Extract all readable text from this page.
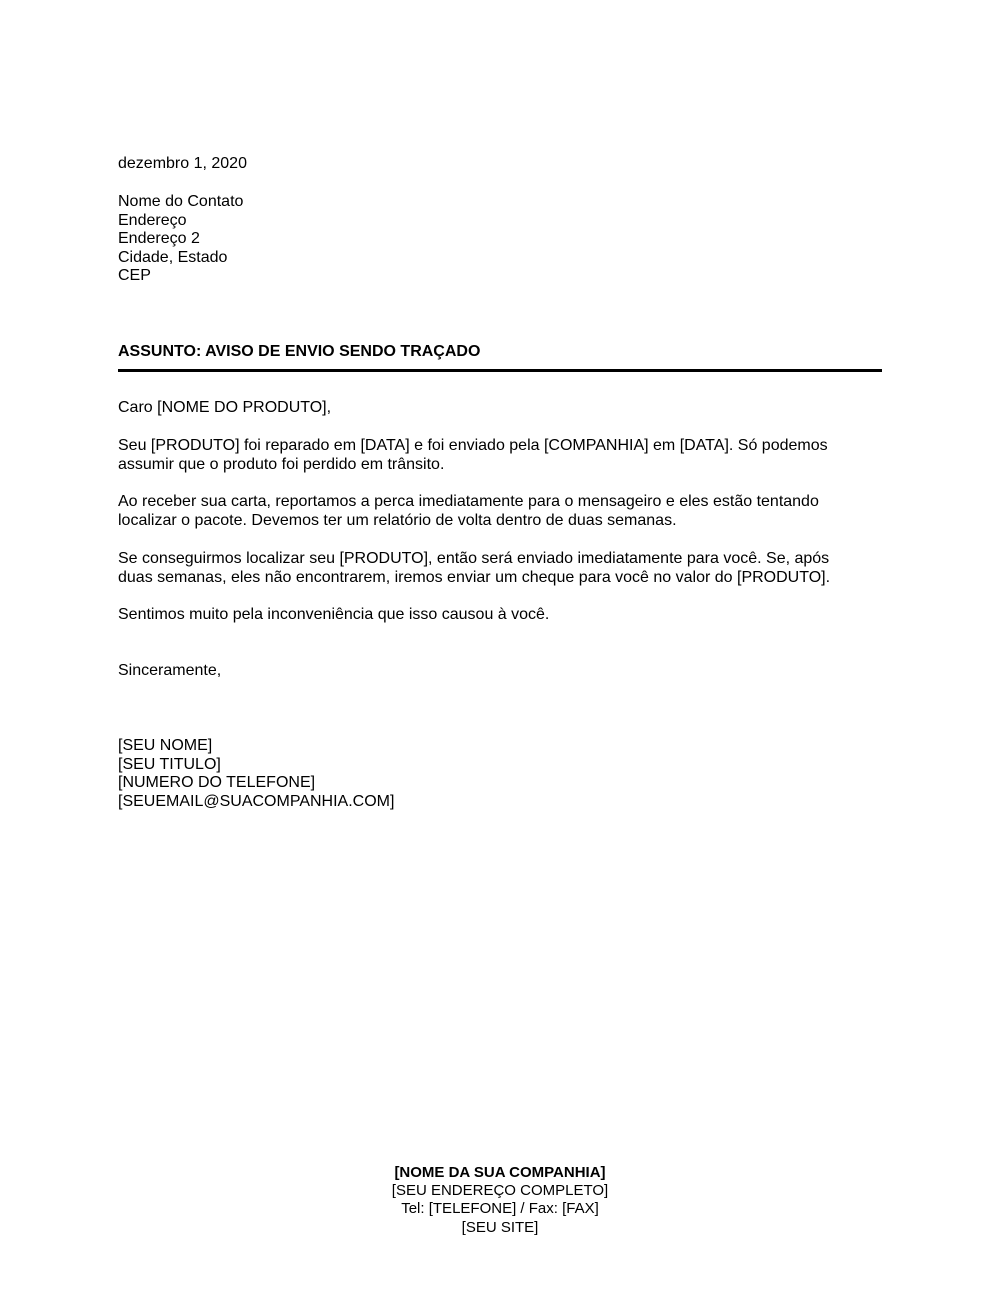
dezembro 1, 2020
Nome do Contato
Endereço
Endereço 2
Cidade, Estado
CEP
ASSUNTO: AVISO DE ENVIO SENDO TRAÇADO
Caro [NOME DO PRODUTO],
Seu [PRODUTO] foi reparado em [DATA] e foi enviado pela [COMPANHIA] em [DATA]. Só podemos
assumir que o produto foi perdido em trânsito.
Ao receber sua carta, reportamos a perca imediatamente para o mensageiro e eles estão tentando
localizar o pacote. Devemos ter um relatório de volta dentro de duas semanas.
Se conseguirmos localizar seu [PRODUTO], então será enviado imediatamente para você. Se, após
duas semanas, eles não encontrarem, iremos enviar um cheque para você no valor do [PRODUTO].
Sentimos muito pela inconveniência que isso causou à você.
Sinceramente,
[SEU NOME]
[SEU TITULO]
[NUMERO DO TELEFONE]
[SEUEMAIL@SUACOMPANHIA.COM]
[NOME DA SUA COMPANHIA]
[SEU ENDEREÇO COMPLETO]
Tel: [TELEFONE] / Fax: [FAX]
[SEU SITE]
